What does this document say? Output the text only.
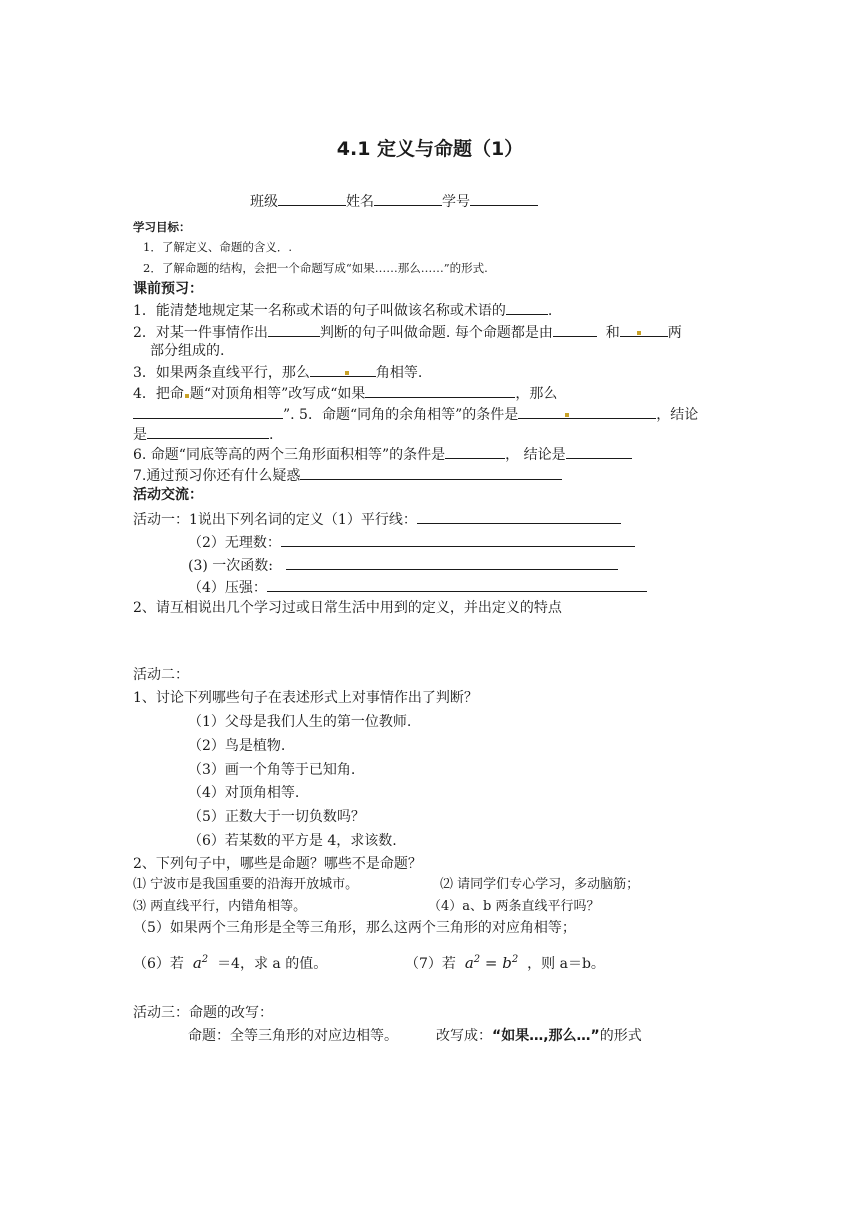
4.1 定义与命题（1）
班级	姓名	学号
学习目标：
1．了解定义、命题的含义．.
2．了解命题的结构，会把一个命题写成“如果……那么……”的形式.
课前预习：
1．能清楚地规定某一名称或术语的句子叫做该名称或术语的	.
2．对某一件事情作出	判断的句子叫做命题. 每个命题都是由	和	两
部分组成的.
3．如果两条直线平行，那么	角相等.
4．把命 题“对顶角相等”改写成“如果	，那么
”. 5．命题“同角的余角相等”的条件是	，结论
是	.
6. 命题“同底等高的两个三角形面积相等”的条件是	， 结论是
7.通过预习你还有什么疑惑
活动交流：
活动一：1说出下列名词的定义（1）平行线：
（2）无理数：
(3) 一次函数:
（4）压强：
2、请互相说出几个学习过或日常生活中用到的定义，并出定义的特点
活动二：
1、讨论下列哪些句子在表述形式上对事情作出了判断？
（1）父母是我们人生的第一位教师.
（2）鸟是植物.
（3）画一个角等于已知角.
（4）对顶角相等.
（5）正数大于一切负数吗？
（6）若某数的平方是 4，求该数.
2、下列句子中，哪些是命题？哪些不是命题？
⑴ 宁波市是我国重要的沿海开放城市。	⑵ 请同学们专心学习，多动脑筋；
⑶ 两直线平行，内错角相等。	（4）a、b 两条直线平行吗？
（5）如果两个三角形是全等三角形，那么这两个三角形的对应角相等；
（6）若 $a^2 =4$，求 a 的值。	（7）若 $a^2 = b^2$ ，则 a＝b。
活动三：命题的改写：
命题：全等三角形的对应边相等。	改写成：“如果…,那么…”的形式
